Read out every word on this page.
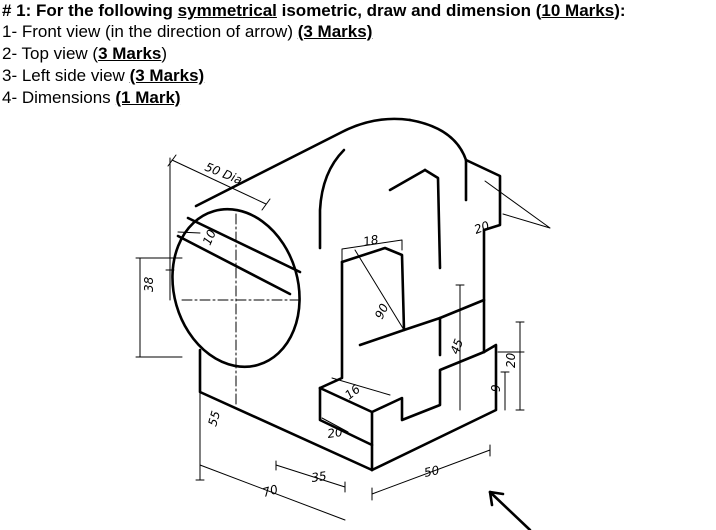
# 1: For the following symmetrical isometric, draw and dimension (10 Marks):
1- Front view (in the direction of arrow) (3 Marks)
2- Top view (3 Marks)
3- Left side view (3 Marks)
4- Dimensions (1 Mark)
50 Dia
10
38
18
90
20
45
20
9
16
20
55
35	50
70
